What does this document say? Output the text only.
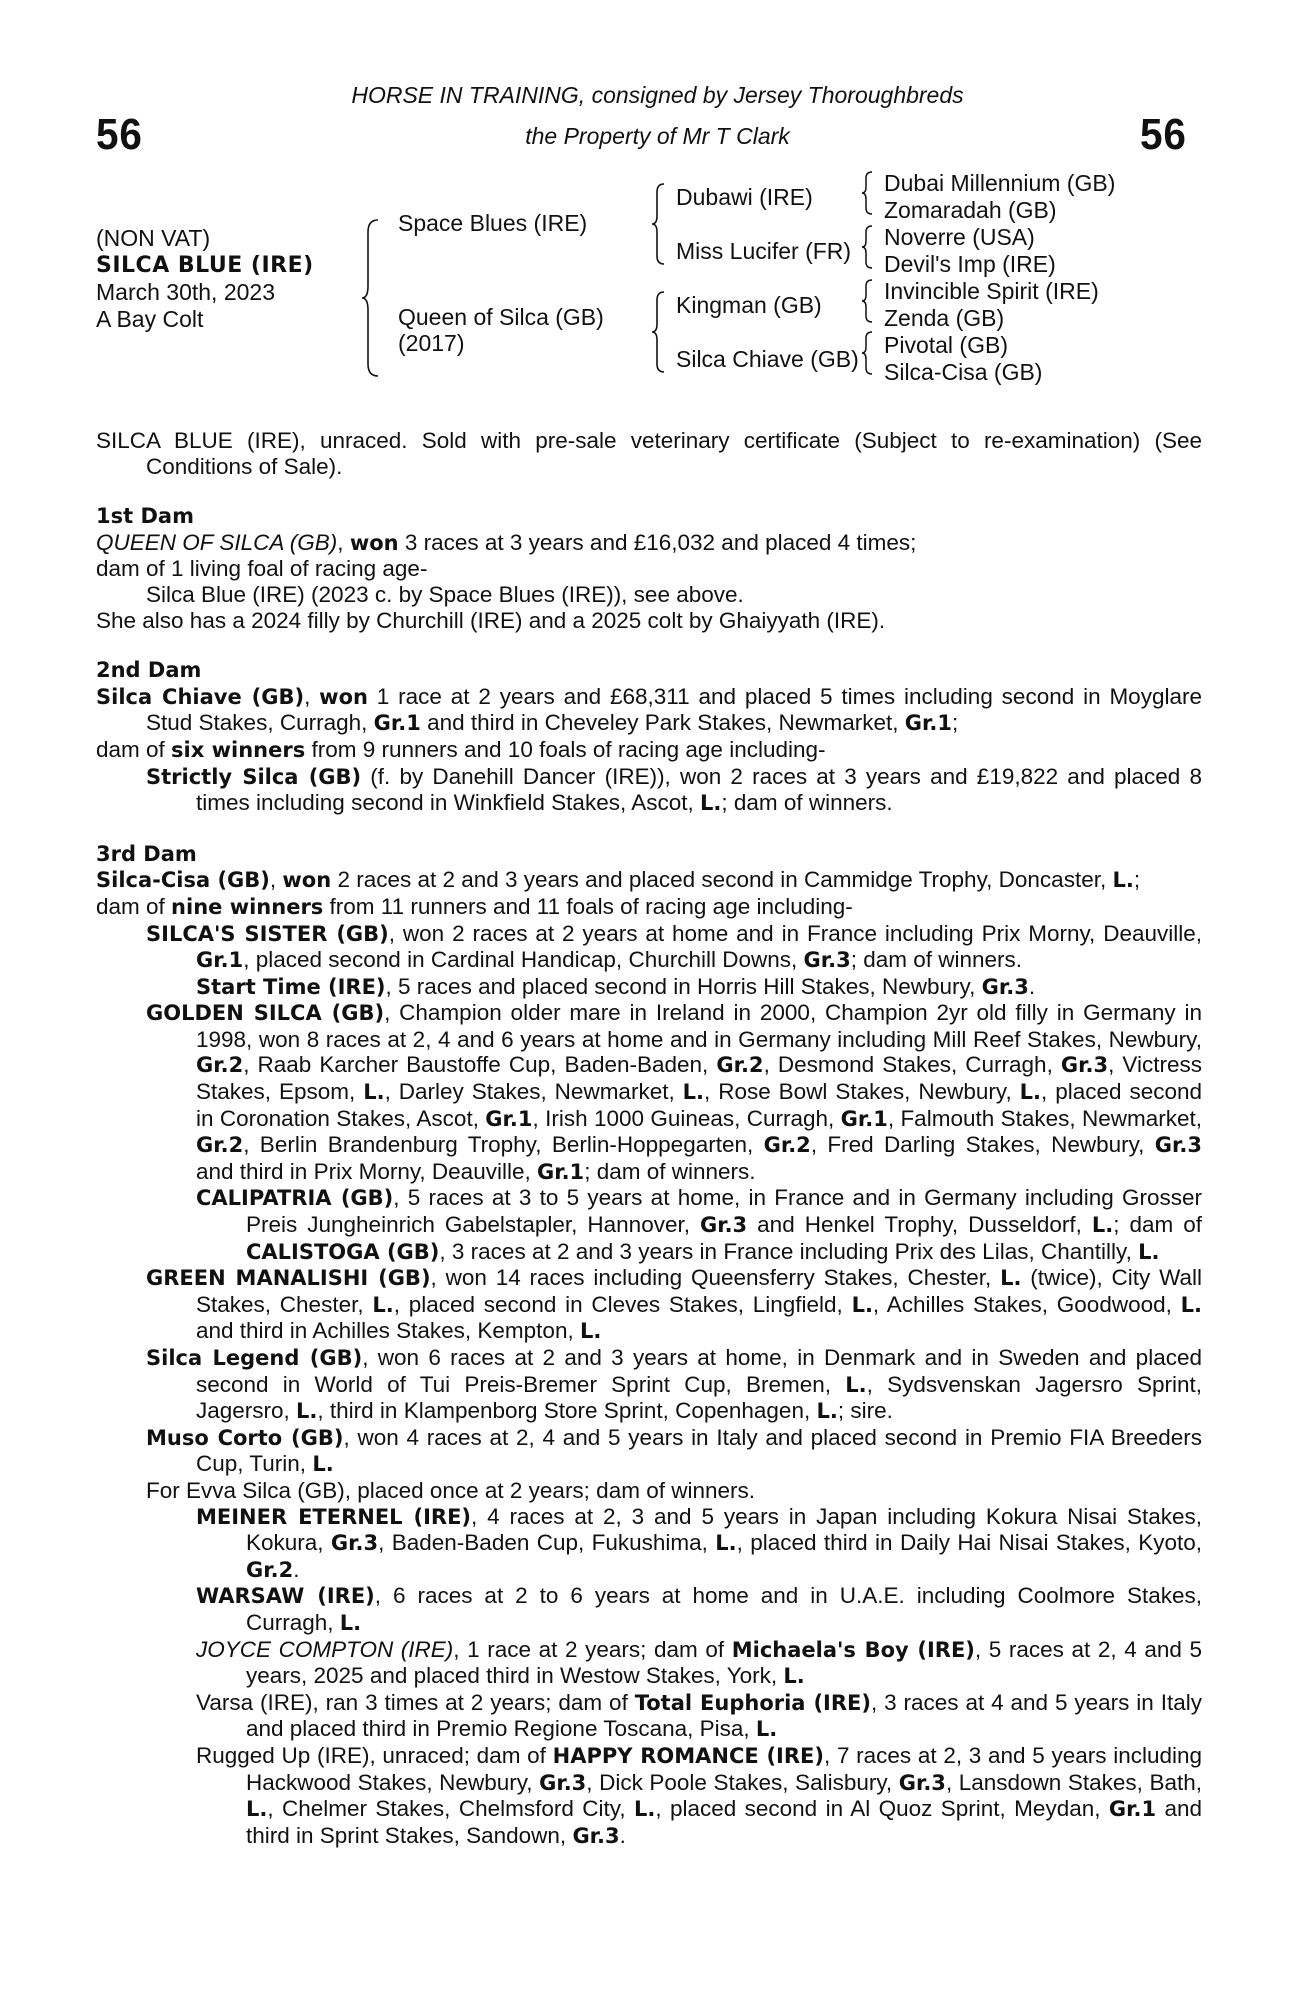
56	56
HORSE IN TRAINING, consigned by Jersey Thoroughbreds
the Property of Mr T Clark
(NON VAT)
SILCA BLUE (IRE)
March 30th, 2023
A Bay Colt
Space Blues (IRE)
Queen of Silca (GB)
(2017)
Dubawi (IRE)
Miss Lucifer (FR)
Kingman (GB)
Silca Chiave (GB)
Dubai Millennium (GB)
Zomaradah (GB)
Noverre (USA)
Devil's Imp (IRE)
Invincible Spirit (IRE)
Zenda (GB)
Pivotal (GB)
Silca-Cisa (GB)
SILCA BLUE (IRE), unraced. Sold with pre-sale veterinary certificate (Subject to re-examination) (See Conditions of Sale).
1st Dam
QUEEN OF SILCA (GB), won 3 races at 3 years and £16,032 and placed 4 times;
dam of 1 living foal of racing age-
Silca Blue (IRE) (2023 c. by Space Blues (IRE)), see above.
She also has a 2024 filly by Churchill (IRE) and a 2025 colt by Ghaiyyath (IRE).
2nd Dam
Silca Chiave (GB), won 1 race at 2 years and £68,311 and placed 5 times including second in Moyglare Stud Stakes, Curragh, Gr.1 and third in Cheveley Park Stakes, Newmarket, Gr.1;
dam of six winners from 9 runners and 10 foals of racing age including-
Strictly Silca (GB) (f. by Danehill Dancer (IRE)), won 2 races at 3 years and £19,822 and placed 8 times including second in Winkfield Stakes, Ascot, L.; dam of winners.
3rd Dam
Silca-Cisa (GB), won 2 races at 2 and 3 years and placed second in Cammidge Trophy, Doncaster, L.;
dam of nine winners from 11 runners and 11 foals of racing age including-
SILCA'S SISTER (GB), won 2 races at 2 years at home and in France including Prix Morny, Deauville, Gr.1, placed second in Cardinal Handicap, Churchill Downs, Gr.3; dam of winners.
Start Time (IRE), 5 races and placed second in Horris Hill Stakes, Newbury, Gr.3.
GOLDEN SILCA (GB), Champion older mare in Ireland in 2000, Champion 2yr old filly in Germany in 1998, won 8 races at 2, 4 and 6 years at home and in Germany including Mill Reef Stakes, Newbury, Gr.2, Raab Karcher Baustoffe Cup, Baden-Baden, Gr.2, Desmond Stakes, Curragh, Gr.3, Victress Stakes, Epsom, L., Darley Stakes, Newmarket, L., Rose Bowl Stakes, Newbury, L., placed second in Coronation Stakes, Ascot, Gr.1, Irish 1000 Guineas, Curragh, Gr.1, Falmouth Stakes, Newmarket, Gr.2, Berlin Brandenburg Trophy, Berlin-Hoppegarten, Gr.2, Fred Darling Stakes, Newbury, Gr.3 and third in Prix Morny, Deauville, Gr.1; dam of winners.
CALIPATRIA (GB), 5 races at 3 to 5 years at home, in France and in Germany including Grosser Preis Jungheinrich Gabelstapler, Hannover, Gr.3 and Henkel Trophy, Dusseldorf, L.; dam of CALISTOGA (GB), 3 races at 2 and 3 years in France including Prix des Lilas, Chantilly, L.
GREEN MANALISHI (GB), won 14 races including Queensferry Stakes, Chester, L. (twice), City Wall Stakes, Chester, L., placed second in Cleves Stakes, Lingfield, L., Achilles Stakes, Goodwood, L. and third in Achilles Stakes, Kempton, L.
Silca Legend (GB), won 6 races at 2 and 3 years at home, in Denmark and in Sweden and placed second in World of Tui Preis-Bremer Sprint Cup, Bremen, L., Sydsvenskan Jagersro Sprint, Jagersro, L., third in Klampenborg Store Sprint, Copenhagen, L.; sire.
Muso Corto (GB), won 4 races at 2, 4 and 5 years in Italy and placed second in Premio FIA Breeders Cup, Turin, L.
For Evva Silca (GB), placed once at 2 years; dam of winners.
MEINER ETERNEL (IRE), 4 races at 2, 3 and 5 years in Japan including Kokura Nisai Stakes, Kokura, Gr.3, Baden-Baden Cup, Fukushima, L., placed third in Daily Hai Nisai Stakes, Kyoto, Gr.2.
WARSAW (IRE), 6 races at 2 to 6 years at home and in U.A.E. including Coolmore Stakes, Curragh, L.
JOYCE COMPTON (IRE), 1 race at 2 years; dam of Michaela's Boy (IRE), 5 races at 2, 4 and 5 years, 2025 and placed third in Westow Stakes, York, L.
Varsa (IRE), ran 3 times at 2 years; dam of Total Euphoria (IRE), 3 races at 4 and 5 years in Italy and placed third in Premio Regione Toscana, Pisa, L.
Rugged Up (IRE), unraced; dam of HAPPY ROMANCE (IRE), 7 races at 2, 3 and 5 years including Hackwood Stakes, Newbury, Gr.3, Dick Poole Stakes, Salisbury, Gr.3, Lansdown Stakes, Bath, L., Chelmer Stakes, Chelmsford City, L., placed second in Al Quoz Sprint, Meydan, Gr.1 and third in Sprint Stakes, Sandown, Gr.3.
